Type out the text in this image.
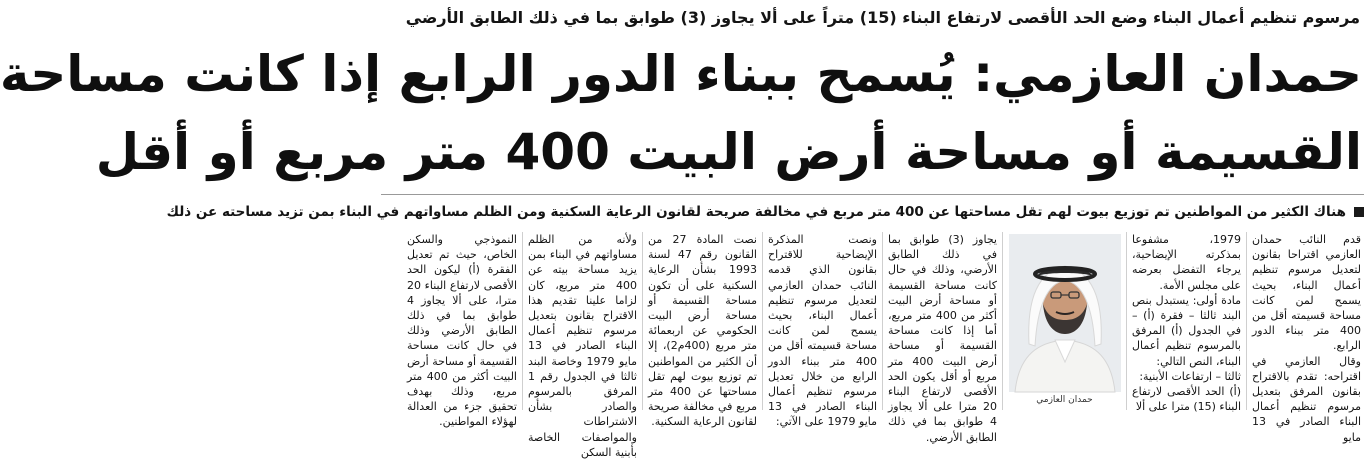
مرسوم تنظيم أعمال البناء وضع الحد الأقصى لارتفاع البناء (15) متراً على ألا يجاوز (3) طوابق بما في ذلك الطابق الأرضي
حمدان العازمي: يُسمح ببناء الدور الرابع إذا كانت مساحة
القسيمة أو مساحة أرض البيت 400 متر مربع أو أقل
هناك الكثير من المواطنين تم توزيع بيوت لهم تقل مساحتها عن 400 متر مربع في مخالفة صريحة لقانون الرعاية السكنية ومن الظلم مساواتهم في البناء بمن تزيد مساحته عن ذلك
قدم النائب حمدان العازمي اقتراحا بقانون لتعديل مرسوم تنظيم أعمال البناء، بحيث يسمح لمن كانت مساحة قسيمته أقل من 400 متر ببناء الدور الرابع.
وقال العازمي في اقتراحه: تقدم بالاقتراح بقانون المرفق بتعديل مرسوم تنظيم أعمال البناء الصادر في 13 مايو
1979، مشفوعا بمذكرته الإيضاحية، يرجاء التفضل بعرضه على مجلس الأمة.
مادة أولى: يستبدل بنص البند ثالثا – فقرة (أ) – في الجدول (أ) المرفق بالمرسوم تنظيم أعمال البناء، النص التالي:
ثالثا – ارتفاعات الأبنية:
(أ) الحد الأقصى لارتفاع البناء (15) مترا على ألا
حمدان العازمي
يجاوز (3) طوابق بما في ذلك الطابق الأرضي، وذلك في حال كانت مساحة القسيمة أو مساحة أرض البيت أكثر من 400 متر مربع، أما إذا كانت مساحة القسيمة أو مساحة أرض البيت 400 متر مربع أو أقل يكون الحد الأقصى لارتفاع البناء 20 مترا على ألا يجاوز 4 طوابق بما في ذلك الطابق الأرضي.
ونصت المذكرة الإيضاحية للاقتراح بقانون الذي قدمه النائب حمدان العازمي لتعديل مرسوم تنظيم أعمال البناء، بحيث يسمح لمن كانت مساحة قسيمته أقل من 400 متر ببناء الدور الرابع من خلال تعديل مرسوم تنظيم أعمال البناء الصادر في 13 مايو 1979 على الآتي:
نصت المادة 27 من القانون رقم 47 لسنة 1993 بشأن الرعاية السكنية على أن تكون مساحة القسيمة أو مساحة أرض البيت الحكومي عن اربعمائة متر مربع (400م2)، إلا أن الكثير من المواطنين تم توزيع بيوت لهم تقل مساحتها عن 400 متر مربع في مخالفة صريحة لقانون الرعاية السكنية.
ولأنه من الظلم مساواتهم في البناء بمن يزيد مساحة بيته عن 400 متر مربع، كان لزاما علينا تقديم هذا الاقتراح بقانون بتعديل مرسوم تنظيم أعمال البناء الصادر في 13 مايو 1979 وخاصة البند ثالثا في الجدول رقم 1 المرفق بالمرسوم والصادر بشأن الاشتراطات والمواصفات الخاصة بأبنية السكن
النموذجي والسكن الخاص، حيث تم تعديل الفقرة (أ) ليكون الحد الأقصى لارتفاع البناء 20 مترا، على ألا يجاوز 4 طوابق بما في ذلك الطابق الأرضي وذلك في حال كانت مساحة القسيمة أو مساحة أرض البيت أكثر من 400 متر مربع، وذلك بهدف تحقيق جزء من العدالة لهؤلاء المواطنين.
